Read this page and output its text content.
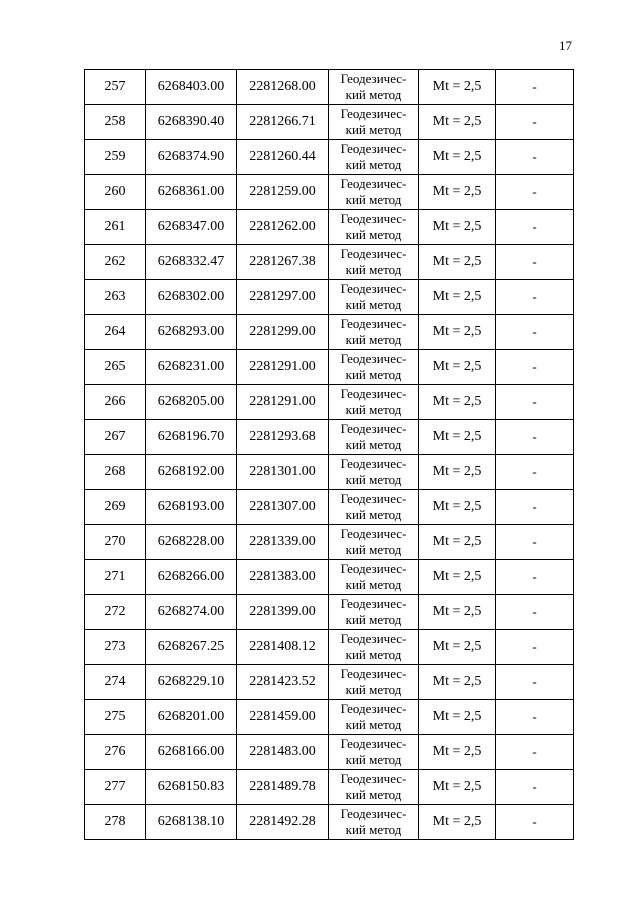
17
257	6268403.00	2281268.00	Геодезичес-
кий метод	Mt = 2,5	-
258	6268390.40	2281266.71	Геодезичес-
кий метод	Mt = 2,5	-
259	6268374.90	2281260.44	Геодезичес-
кий метод	Mt = 2,5	-
260	6268361.00	2281259.00	Геодезичес-
кий метод	Mt = 2,5	-
261	6268347.00	2281262.00	Геодезичес-
кий метод	Mt = 2,5	-
262	6268332.47	2281267.38	Геодезичес-
кий метод	Mt = 2,5	-
263	6268302.00	2281297.00	Геодезичес-
кий метод	Mt = 2,5	-
264	6268293.00	2281299.00	Геодезичес-
кий метод	Mt = 2,5	-
265	6268231.00	2281291.00	Геодезичес-
кий метод	Mt = 2,5	-
266	6268205.00	2281291.00	Геодезичес-
кий метод	Mt = 2,5	-
267	6268196.70	2281293.68	Геодезичес-
кий метод	Mt = 2,5	-
268	6268192.00	2281301.00	Геодезичес-
кий метод	Mt = 2,5	-
269	6268193.00	2281307.00	Геодезичес-
кий метод	Mt = 2,5	-
270	6268228.00	2281339.00	Геодезичес-
кий метод	Mt = 2,5	-
271	6268266.00	2281383.00	Геодезичес-
кий метод	Mt = 2,5	-
272	6268274.00	2281399.00	Геодезичес-
кий метод	Mt = 2,5	-
273	6268267.25	2281408.12	Геодезичес-
кий метод	Mt = 2,5	-
274	6268229.10	2281423.52	Геодезичес-
кий метод	Mt = 2,5	-
275	6268201.00	2281459.00	Геодезичес-
кий метод	Mt = 2,5	-
276	6268166.00	2281483.00	Геодезичес-
кий метод	Mt = 2,5	-
277	6268150.83	2281489.78	Геодезичес-
кий метод	Mt = 2,5	-
278	6268138.10	2281492.28	Геодезичес-
кий метод	Mt = 2,5	-
